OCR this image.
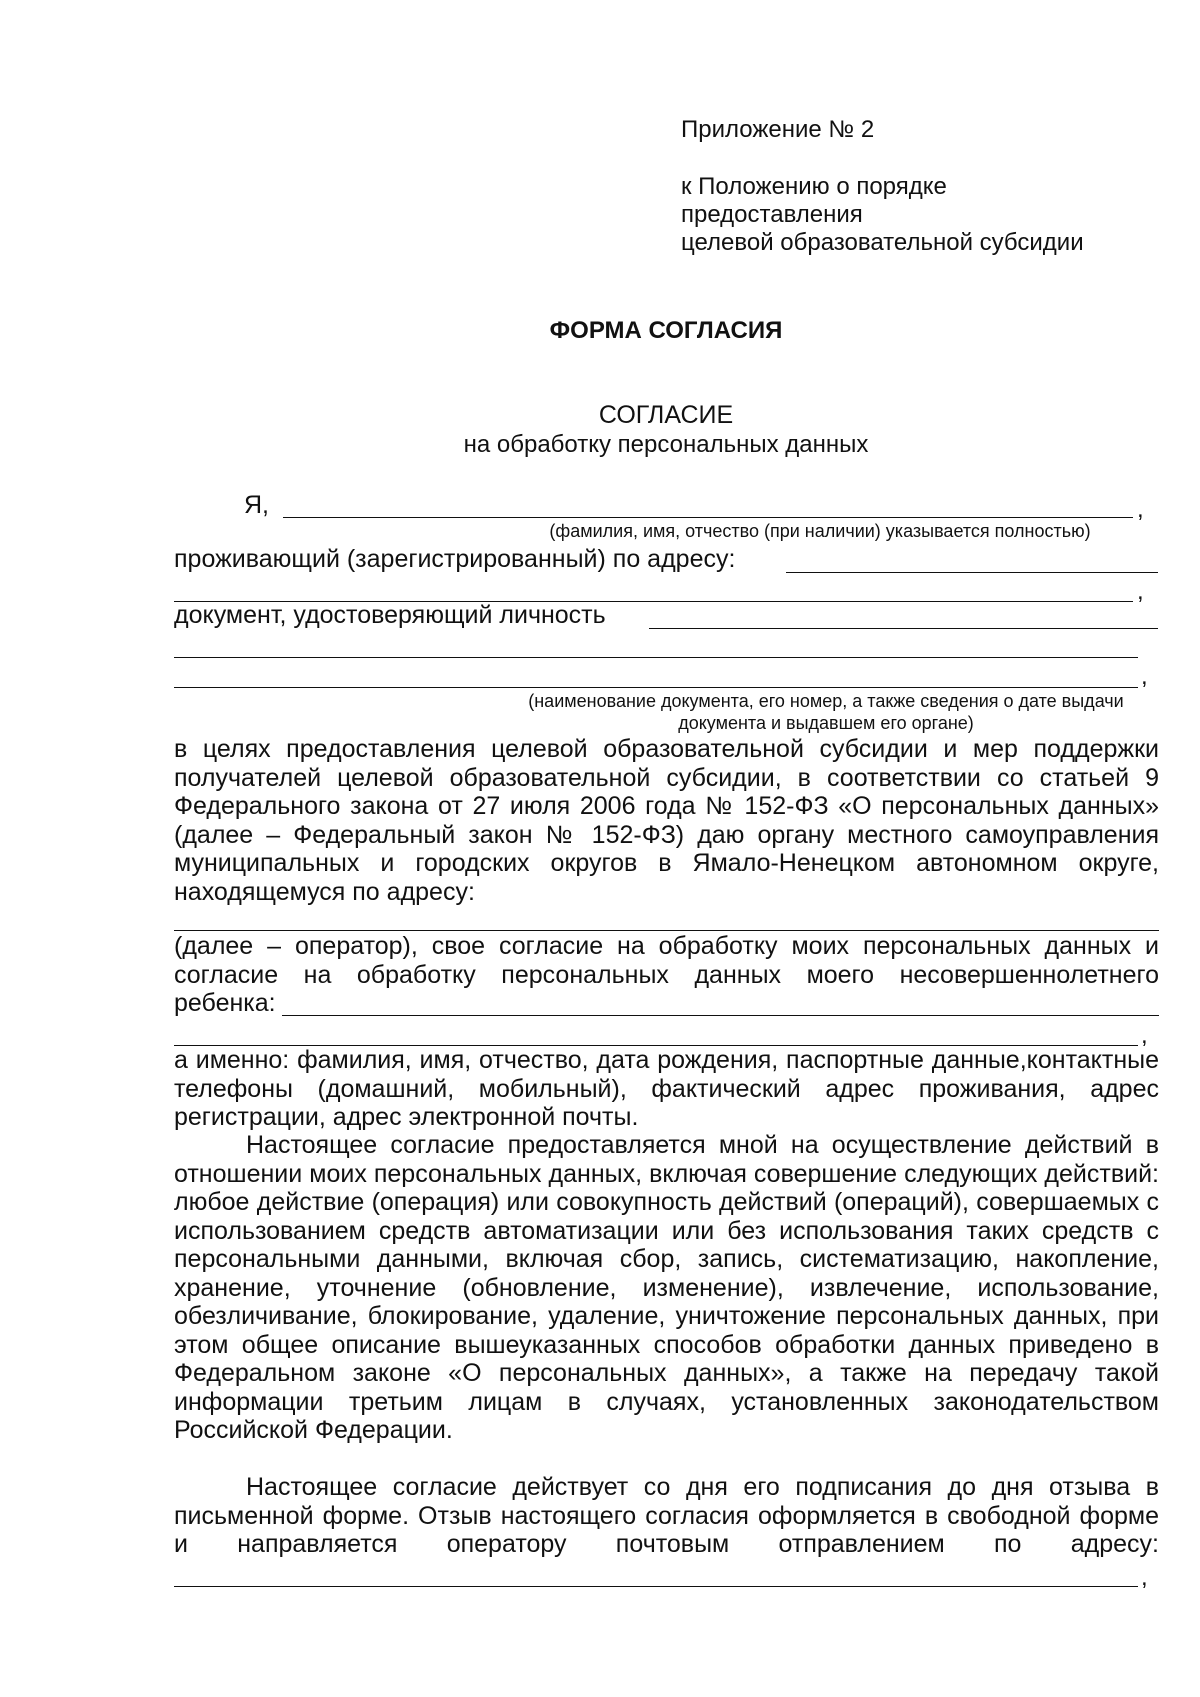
Приложение № 2
к Положению о порядке
предоставления
целевой образовательной субсидии
ФОРМА СОГЛАСИЯ
СОГЛАСИЕ
на обработку персональных данных
Я,	,
(фамилия, имя, отчество (при наличии) указывается полностью)
проживающий (зарегистрированный) по адресу:
,
документ, удостоверяющий личность
,
(наименование документа, его номер, а также сведения о дате выдачи
документа и выдавшем его органе)

в целях предоставления целевой образовательной субсидии и мер поддержки получателей целевой образовательной субсидии, в соответствии со статьей 9 Федерального закона от 27 июля 2006 года № 152-ФЗ «О персональных данных» (далее – Федеральный закон № 152-ФЗ) даю органу местного самоуправления муниципальных и городских округов в Ямало-Ненецком автономном округе, находящемуся по адресу:

(далее – оператор), свое согласие на обработку моих персональных данных и согласие на обработку персональных данных моего несовершеннолетнего

ребенка:
,

а именно: фамилия, имя, отчество, дата рождения, паспортные данные,контактные телефоны (домашний, мобильный), фактический адрес проживания, адрес регистрации, адрес электронной почты.

Настоящее согласие предоставляется мной на осуществление действий в отношении моих персональных данных, включая совершение следующих действий: любое действие (операция) или совокупность действий (операций), совершаемых с использованием средств автоматизации или без использования таких средств с персональными данными, включая сбор, запись, систематизацию, накопление, хранение, уточнение (обновление, изменение), извлечение, использование, обезличивание, блокирование, удаление, уничтожение персональных данных, при этом общее описание вышеуказанных способов обработки данных приведено в Федеральном законе «О персональных данных», а также на передачу такой информации третьим лицам в случаях, установленных законодательством Российской Федерации.

Настоящее согласие действует со дня его подписания до дня отзыва в письменной форме. Отзыв настоящего согласия оформляется в свободной форме и направляется оператору почтовым отправлением по адресу:

,
